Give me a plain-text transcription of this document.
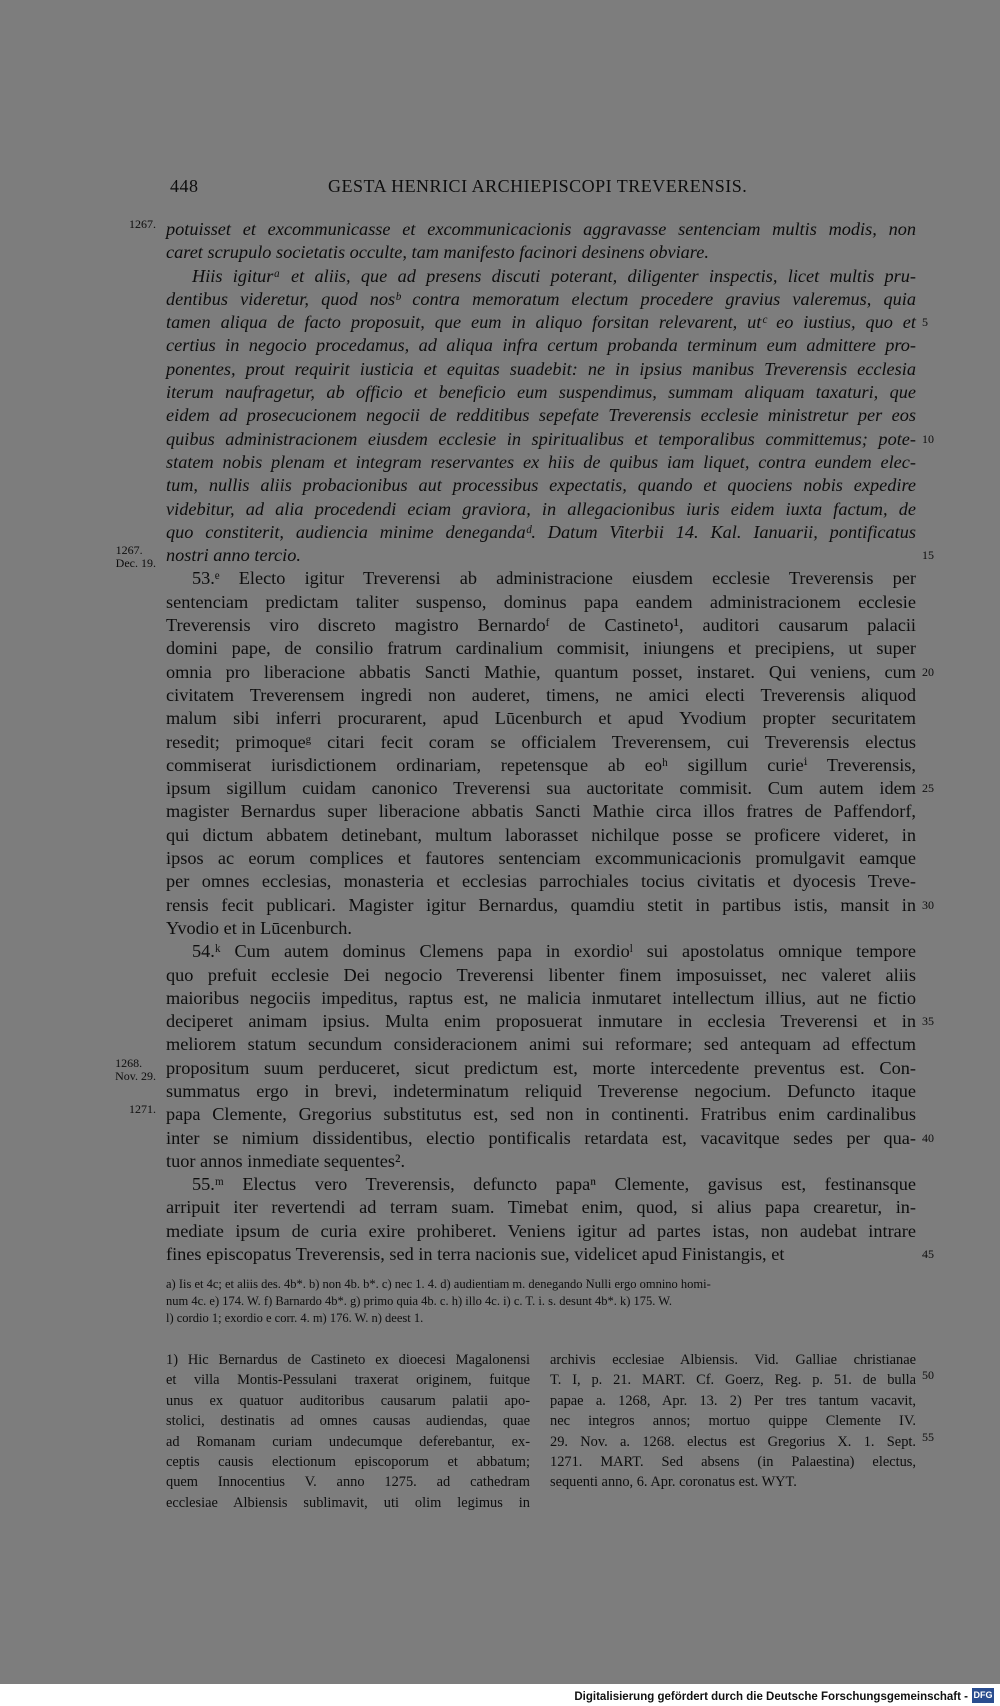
448	GESTA HENRICI ARCHIEPISCOPI TREVERENSIS.
potuisset et excommunicasse et excommunicacionis aggravasse sentenciam multis modis, non
1267.
caret scrupulo societatis occulte, tam manifesto facinori desinens obviare.
Hiis igiturᵃ et aliis, que ad presens discuti poterant, diligenter inspectis, licet multis pru-
dentibus videretur, quod nosᵇ contra memoratum electum procedere gravius valeremus, quia
tamen aliqua de facto proposuit, que eum in aliquo forsitan relevarent, utᶜ eo iustius, quo et 5
certius in negocio procedamus, ad aliqua infra certum probanda terminum eum admittere pro-
ponentes, prout requirit iusticia et equitas suadebit: ne in ipsius manibus Treverensis ecclesia
iterum naufragetur, ab officio et beneficio eum suspendimus, summam aliquam taxaturi, que
eidem ad prosecucionem negocii de redditibus sepefate Treverensis ecclesie ministretur per eos
quibus administracionem eiusdem ecclesie in spiritualibus et temporalibus committemus; pote- 10
statem nobis plenam et integram reservantes ex hiis de quibus iam liquet, contra eundem elec-
tum, nullis aliis probacionibus aut processibus expectatis, quando et quociens nobis expedire
videbitur, ad alia procedendi eciam graviora, in allegacionibus iuris eidem iuxta factum, de
quo constiterit, audiencia minime denegandaᵈ. Datum Viterbii 14. Kal. Ianuarii, pontificatus
nostri anno tercio.	15
1267.
Dec. 19.
53.ᵉ Electo igitur Treverensi ab administracione eiusdem ecclesie Treverensis per
sentenciam predictam taliter suspenso, dominus papa eandem administracionem ecclesie
Treverensis viro discreto magistro Bernardoᶠ de Castineto¹, auditori causarum palacii
domini pape, de consilio fratrum cardinalium commisit, iniungens et precipiens, ut super
omnia pro liberacione abbatis Sancti Mathie, quantum posset, instaret. Qui veniens, cum 20
civitatem Treverensem ingredi non auderet, timens, ne amici electi Treverensis aliquod
malum sibi inferri procurarent, apud Lūcenburch et apud Yvodium propter securitatem
resedit; primoqueᵍ citari fecit coram se officialem Treverensem, cui Treverensis electus
commiserat iurisdictionem ordinariam, repetensque ab eoʰ sigillum curieⁱ Treverensis,
ipsum sigillum cuidam canonico Treverensi sua auctoritate commisit. Cum autem idem 25
magister Bernardus super liberacione abbatis Sancti Mathie circa illos fratres de Paffendorf,
qui dictum abbatem detinebant, multum laborasset nichilque posse se proficere videret, in
ipsos ac eorum complices et fautores sentenciam excommunicacionis promulgavit eamque
per omnes ecclesias, monasteria et ecclesias parrochiales tocius civitatis et dyocesis Treve-
rensis fecit publicari. Magister igitur Bernardus, quamdiu stetit in partibus istis, mansit in 30
Yvodio et in Lūcenburch.
54.ᵏ Cum autem dominus Clemens papa in exordioˡ sui apostolatus omnique tempore
quo prefuit ecclesie Dei negocio Treverensi libenter finem imposuisset, nec valeret aliis
maioribus negociis impeditus, raptus est, ne malicia inmutaret intellectum illius, aut ne fictio
deciperet animam ipsius. Multa enim proposuerat inmutare in ecclesia Treverensi et in 35
meliorem statum secundum consideracionem animi sui reformare; sed antequam ad effectum
propositum suum perduceret, sicut predictum est, morte intercedente preventus est. Con-
1268.
Nov. 29.
summatus ergo in brevi, indeterminatum reliquid Treverense negocium. Defuncto itaque
papa Clemente, Gregorius substitutus est, sed non in continenti. Fratribus enim cardinalibus
1271.
inter se nimium dissidentibus, electio pontificalis retardata est, vacavitque sedes per qua- 40
tuor annos inmediate sequentes².
55.ᵐ Electus vero Treverensis, defuncto papaⁿ Clemente, gavisus est, festinansque
arripuit iter revertendi ad terram suam. Timebat enim, quod, si alius papa crearetur, in-
mediate ipsum de curia exire prohiberet. Veniens igitur ad partes istas, non audebat intrare
fines episcopatus Treverensis, sed in terra nacionis sue, videlicet apud Finistangis, et	45
a) Iis et 4c; et aliis des. 4b*. b) non 4b. b*. c) nec 1. 4. d) audientiam m. denegando Nulli ergo omnino homi-
num 4c. e) 174. W. f) Barnardo 4b*. g) primo quia 4b. c. h) illo 4c. i) c. T. i. s. desunt 4b*. k) 175. W.
l) cordio 1; exordio e corr. 4. m) 176. W. n) deest 1.
1) Hic Bernardus de Castineto ex dioecesi Magalonensi
et villa Montis-Pessulani traxerat originem, fuitque
unus ex quatuor auditoribus causarum palatii apo-
stolici, destinatis ad omnes causas audiendas, quae
ad Romanam curiam undecumque deferebantur, ex-
ceptis causis electionum episcoporum et abbatum;
quem Innocentius V. anno 1275. ad cathedram
ecclesiae Albiensis sublimavit, uti olim legimus in
archivis ecclesiae Albiensis. Vid. Galliae christianae
T. I, p. 21. MART. Cf. Goerz, Reg. p. 51. de bulla
papae a. 1268, Apr. 13. 2) Per tres tantum vacavit,
nec integros annos; mortuo quippe Clemente IV.
29. Nov. a. 1268. electus est Gregorius X. 1. Sept.
1271. MART. Sed absens (in Palaestina) electus,
sequenti anno, 6. Apr. coronatus est. WYT.
50
55
Digitalisierung gefördert durch die Deutsche Forschungsgemeinschaft - DFG
